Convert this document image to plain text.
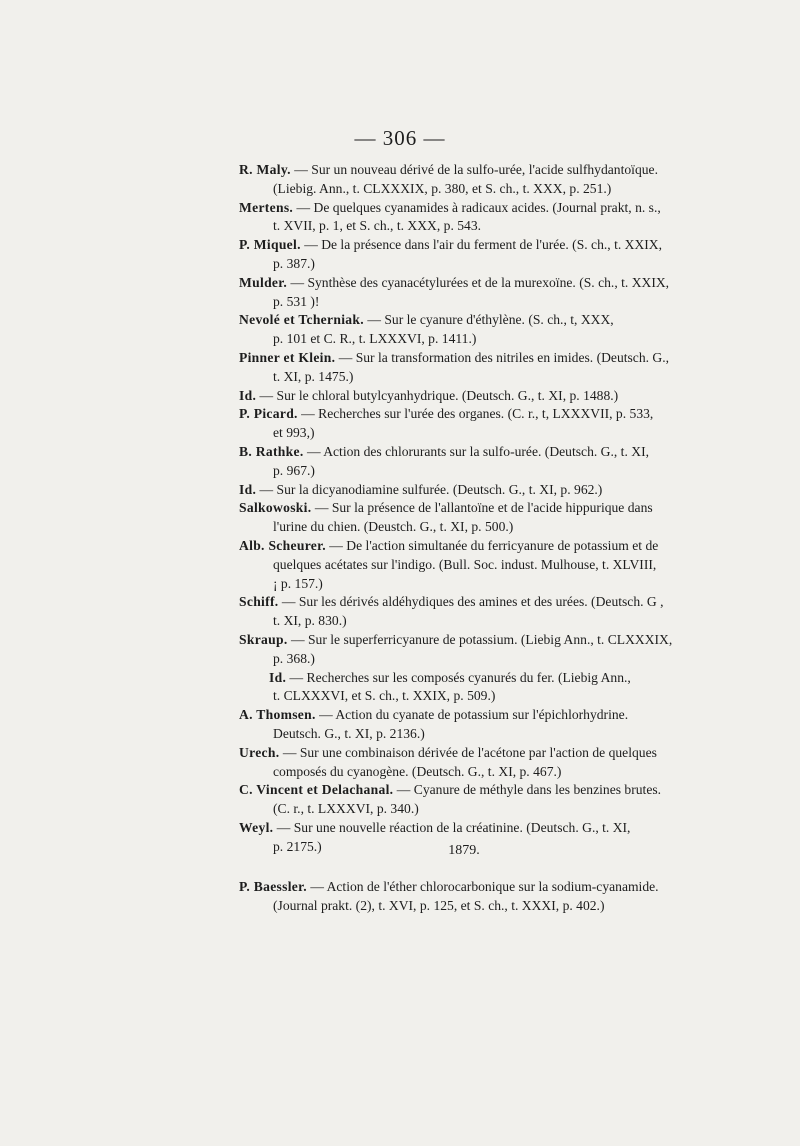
— 306 —
R. Maly. — Sur un nouveau dérivé de la sulfo-urée, l'acide sulfhydantoïque.
(Liebig. Ann., t. CLXXXIX, p. 380, et S. ch., t. XXX, p. 251.)
Mertens. — De quelques cyanamides à radicaux acides. (Journal prakt, n. s.,
t. XVII, p. 1, et S. ch., t. XXX, p. 543.
P. Miquel. — De la présence dans l'air du ferment de l'urée. (S. ch., t. XXIX,
p. 387.)
Mulder. — Synthèse des cyanacétylurées et de la murexoïne. (S. ch., t. XXIX,
p. 531 )!
Nevolé et Tcherniak. — Sur le cyanure d'éthylène. (S. ch., t, XXX,
p. 101 et C. R., t. LXXXVI, p. 1411.)
Pinner et Klein. — Sur la transformation des nitriles en imides. (Deutsch. G.,
t. XI, p. 1475.)
Id. — Sur le chloral butylcyanhydrique. (Deutsch. G., t. XI, p. 1488.)
P. Picard. — Recherches sur l'urée des organes. (C. r., t, LXXXVII, p. 533,
et 993,)
B. Rathke. — Action des chlorurants sur la sulfo-urée. (Deutsch. G., t. XI,
p. 967.)
Id. — Sur la dicyanodiamine sulfurée. (Deutsch. G., t. XI, p. 962.)
Salkowoski. — Sur la présence de l'allantoïne et de l'acide hippurique dans
l'urine du chien. (Deustch. G., t. XI, p. 500.)
Alb. Scheurer. — De l'action simultanée du ferricyanure de potassium et de
quelques acétates sur l'indigo. (Bull. Soc. indust. Mulhouse, t. XLVIII,
¡ p. 157.)
Schiff. — Sur les dérivés aldéhydiques des amines et des urées. (Deutsch. G ,
t. XI, p. 830.)
Skraup. — Sur le superferricyanure de potassium. (Liebig Ann., t. CLXXXIX,
p. 368.)
Id. — Recherches sur les composés cyanurés du fer. (Liebig Ann.,
t. CLXXXVI, et S. ch., t. XXIX, p. 509.)
A. Thomsen. — Action du cyanate de potassium sur l'épichlorhydrine.
Deutsch. G., t. XI, p. 2136.)
Urech. — Sur une combinaison dérivée de l'acétone par l'action de quelques
composés du cyanogène. (Deutsch. G., t. XI, p. 467.)
C. Vincent et Delachanal. — Cyanure de méthyle dans les benzines brutes.
(C. r., t. LXXXVI, p. 340.)
Weyl. — Sur une nouvelle réaction de la créatinine. (Deutsch. G., t. XI,
p. 2175.)	1879.
P. Baessler. — Action de l'éther chlorocarbonique sur la sodium-cyanamide.
(Journal prakt. (2), t. XVI, p. 125, et S. ch., t. XXXI, p. 402.)
